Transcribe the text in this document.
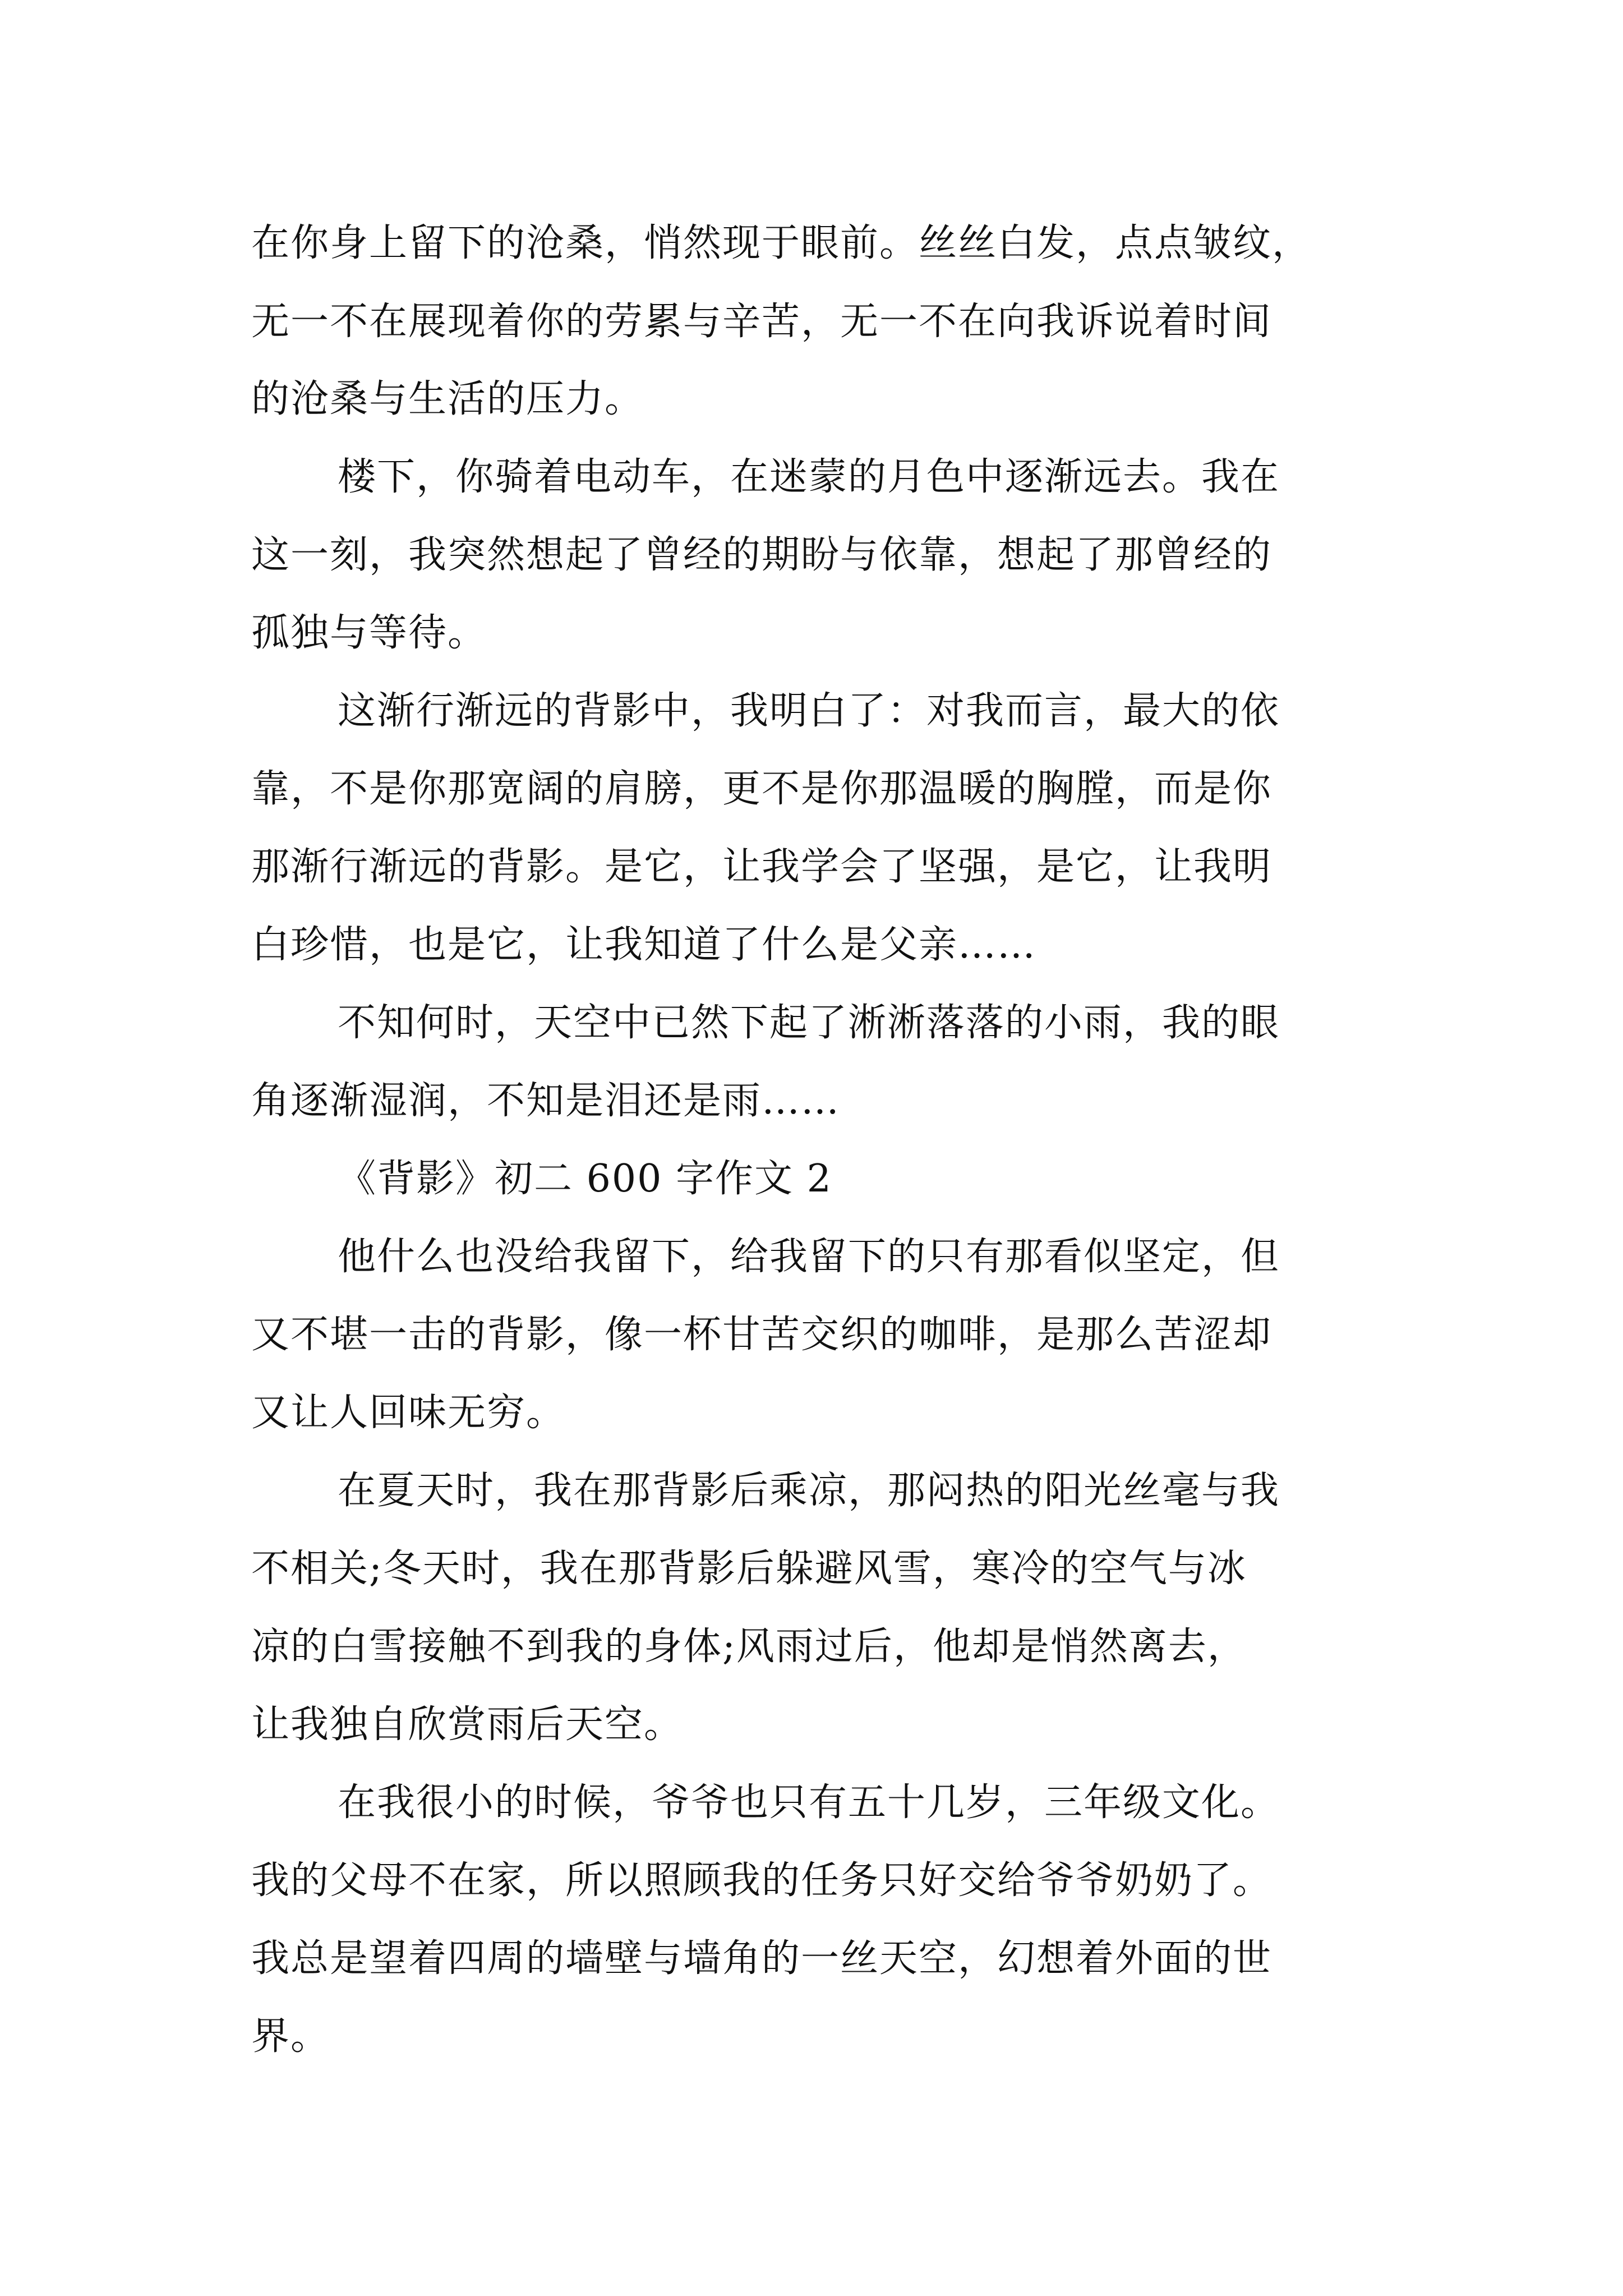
在你身上留下的沧桑，悄然现于眼前。丝丝白发，点点皱纹，

无一不在展现着你的劳累与辛苦，无一不在向我诉说着时间

的沧桑与生活的压力。

楼下，你骑着电动车，在迷蒙的月色中逐渐远去。我在

这一刻，我突然想起了曾经的期盼与依靠，想起了那曾经的

孤独与等待。

这渐行渐远的背影中，我明白了：对我而言，最大的依

靠，不是你那宽阔的肩膀，更不是你那温暖的胸膛，而是你

那渐行渐远的背影。是它，让我学会了坚强，是它，让我明

白珍惜，也是它，让我知道了什么是父亲……

不知何时，天空中已然下起了淅淅落落的小雨，我的眼

角逐渐湿润，不知是泪还是雨……

《背影》初二 600 字作文 2

他什么也没给我留下，给我留下的只有那看似坚定，但

又不堪一击的背影，像一杯甘苦交织的咖啡，是那么苦涩却

又让人回味无穷。

在夏天时，我在那背影后乘凉，那闷热的阳光丝毫与我

不相关;冬天时，我在那背影后躲避风雪，寒冷的空气与冰

凉的白雪接触不到我的身体;风雨过后，他却是悄然离去，

让我独自欣赏雨后天空。

在我很小的时候，爷爷也只有五十几岁，三年级文化。

我的父母不在家，所以照顾我的任务只好交给爷爷奶奶了。

我总是望着四周的墙壁与墙角的一丝天空，幻想着外面的世

界。
